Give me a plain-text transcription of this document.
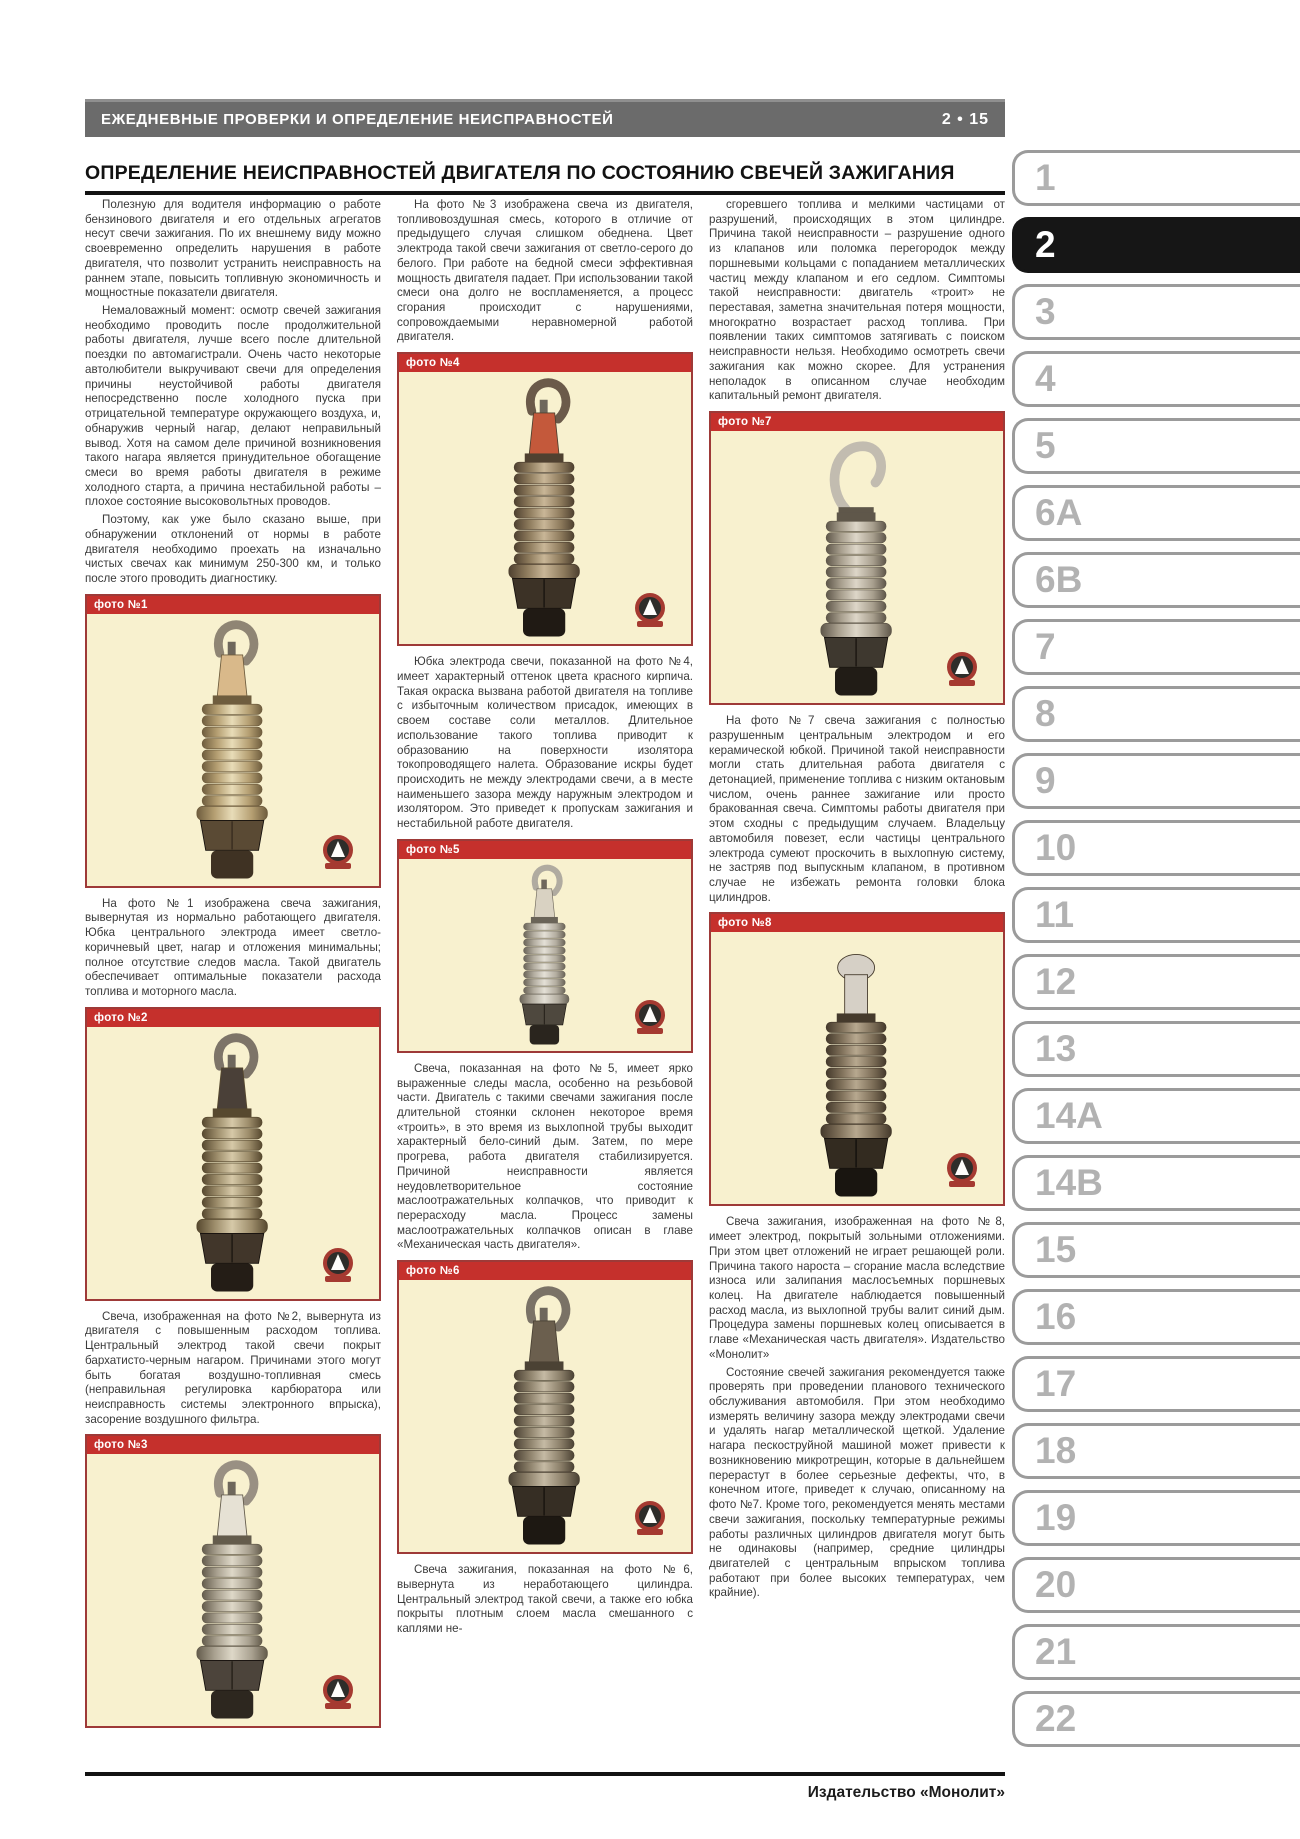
ЕЖЕДНЕВНЫЕ ПРОВЕРКИ И ОПРЕДЕЛЕНИЕ НЕИСПРАВНОСТЕЙ	2 • 15
ОПРЕДЕЛЕНИЕ НЕИСПРАВНОСТЕЙ ДВИГАТЕЛЯ ПО СОСТОЯНИЮ СВЕЧЕЙ ЗАЖИГАНИЯ

Полезную для водителя информацию о работе бензинового двигателя и его отдельных агрегатов несут свечи зажигания. По их внешнему виду можно своевременно определить нарушения в работе двигателя, что позволит устранить неисправность на раннем этапе, повысить топливную экономичность и мощностные показатели двигателя.

Немаловажный момент: осмотр свечей зажигания необходимо проводить после продолжительной работы двигателя, лучше всего после длительной поездки по автомагистрали. Очень часто некоторые автолюбители выкручивают свечи для определения причины неустойчивой работы двигателя непосредственно после холодного пуска при отрицательной температуре окружающего воздуха, и, обнаружив черный нагар, делают неправильный вывод. Хотя на самом деле причиной возникновения такого нагара является принудительное обогащение смеси во время работы двигателя в режиме холодного старта, а причина нестабильной работы – плохое состояние высоковольтных проводов.

Поэтому, как уже было сказано выше, при обнаружении отклонений от нормы в работе двигателя необходимо проехать на изначально чистых свечах как минимум 250-300 км, и только после этого проводить диагностику.

фото №1

На фото №1 изображена свеча зажигания, вывернутая из нормально работающего двигателя. Юбка центрального электрода имеет светло-коричневый цвет, нагар и отложения минимальны; полное отсутствие следов масла. Такой двигатель обеспечивает оптимальные показатели расхода топлива и моторного масла.

фото №2

Свеча, изображенная на фото №2, вывернута из двигателя с повышенным расходом топлива. Центральный электрод такой свечи покрыт бархатисто-черным нагаром. Причинами этого могут быть богатая воздушно-топливная смесь (неправильная регулировка карбюратора или неисправность системы электронного впрыска), засорение воздушного фильтра.

фото №3

На фото №3 изображена свеча из двигателя, топливовоздушная смесь, которого в отличие от предыдущего случая слишком обеднена. Цвет электрода такой свечи зажигания от светло-серого до белого. При работе на бедной смеси эффективная мощность двигателя падает. При использовании такой смеси она долго не воспламеняется, а процесс сгорания происходит с нарушениями, сопровождаемыми неравномерной работой двигателя.

фото №4

Юбка электрода свечи, показанной на фото №4, имеет характерный оттенок цвета красного кирпича. Такая окраска вызвана работой двигателя на топливе с избыточным количеством присадок, имеющих в своем составе соли металлов. Длительное использование такого топлива приводит к образованию на поверхности изолятора токопроводящего налета. Образование искры будет происходить не между электродами свечи, а в месте наименьшего зазора между наружным электродом и изолятором. Это приведет к пропускам зажигания и нестабильной работе двигателя.

фото №5

Свеча, показанная на фото №5, имеет ярко выраженные следы масла, особенно на резьбовой части. Двигатель с такими свечами зажигания после длительной стоянки склонен некоторое время «троить», в это время из выхлопной трубы выходит характерный бело-синий дым. Затем, по мере прогрева, работа двигателя стабилизируется. Причиной неисправности является неудовлетворительное состояние маслоотражательных колпачков, что приводит к перерасходу масла. Процесс замены маслоотражательных колпачков описан в главе «Механическая часть двигателя».

фото №6

Свеча зажигания, показанная на фото №6, вывернута из неработающего цилиндра. Центральный электрод такой свечи, а также его юбка покрыты плотным слоем масла смешанного с каплями не-

сгоревшего топлива и мелкими частицами от разрушений, происходящих в этом цилиндре. Причина такой неисправности – разрушение одного из клапанов или поломка перегородок между поршневыми кольцами с попаданием металлических частиц между клапаном и его седлом. Симптомы такой неисправности: двигатель «троит» не переставая, заметна значительная потеря мощности, многократно возрастает расход топлива. При появлении таких симптомов затягивать с поиском неисправности нельзя. Необходимо осмотреть свечи зажигания как можно скорее. Для устранения неполадок в описанном случае необходим капитальный ремонт двигателя.

фото №7

На фото №7 свеча зажигания с полностью разрушенным центральным электродом и его керамической юбкой. Причиной такой неисправности могли стать длительная работа двигателя с детонацией, применение топлива с низким октановым числом, очень раннее зажигание или просто бракованная свеча. Симптомы работы двигателя при этом сходны с предыдущим случаем. Владельцу автомобиля повезет, если частицы центрального электрода сумеют проскочить в выхлопную систему, не застряв под выпускным клапаном, в противном случае не избежать ремонта головки блока цилиндров.

фото №8

Свеча зажигания, изображенная на фото №8, имеет электрод, покрытый зольными отложениями. При этом цвет отложений не играет решающей роли. Причина такого нароста – сгорание масла вследствие износа или залипания маслосъемных поршневых колец. На двигателе наблюдается повышенный расход масла, из выхлопной трубы валит синий дым. Процедура замены поршневых колец описывается в главе «Механическая часть двигателя». Издательство «Монолит»

Состояние свечей зажигания рекомендуется также проверять при проведении планового технического обслуживания автомобиля. При этом необходимо измерять величину зазора между электродами свечи и удалять нагар металлической щеткой. Удаление нагара пескоструйной машиной может привести к возникновению микротрещин, которые в дальнейшем перерастут в более серьезные дефекты, что, в конечном итоге, приведет к случаю, описанному на фото №7. Кроме того, рекомендуется менять местами свечи зажигания, поскольку температурные режимы работы различных цилиндров двигателя могут быть не одинаковы (например, средние цилиндры двигателей с центральным впрыском топлива работают при более высоких температурах, чем крайние).

1
2
3
4
5
6A
6B
7
8
9
10
11
12
13
14A
14B
15
16
17
18
19
20
21
22
Издательство «Монолит»
